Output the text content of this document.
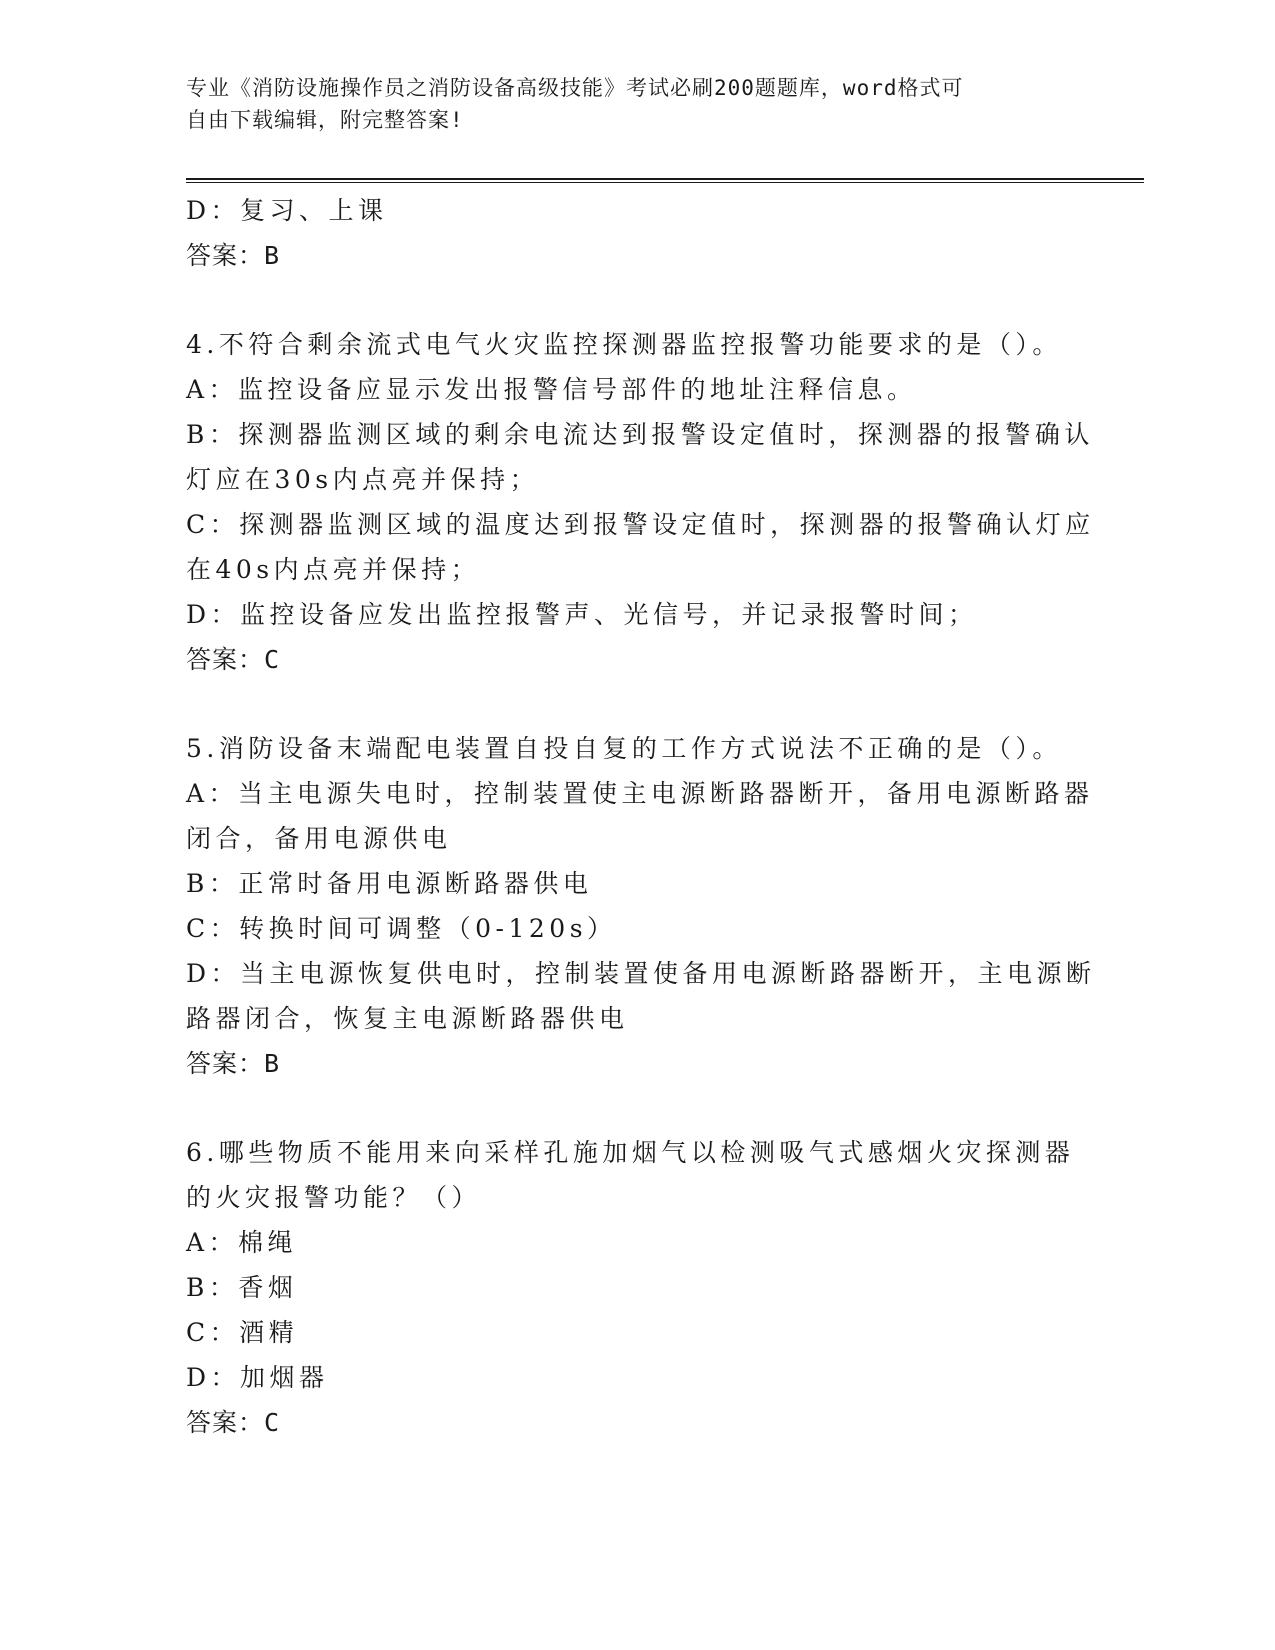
专业《消防设施操作员之消防设备高级技能》考试必刷200题题库，word格式可
自由下载编辑，附完整答案!
D：复习、上课
答案：B
4.不符合剩余流式电气火灾监控探测器监控报警功能要求的是（）。
A：监控设备应显示发出报警信号部件的地址注释信息。
B：探测器监测区域的剩余电流达到报警设定值时，探测器的报警确认
灯应在30s内点亮并保持；
C：探测器监测区域的温度达到报警设定值时，探测器的报警确认灯应
在40s内点亮并保持；
D：监控设备应发出监控报警声、光信号，并记录报警时间；
答案：C
5.消防设备末端配电装置自投自复的工作方式说法不正确的是（）。
A：当主电源失电时，控制装置使主电源断路器断开，备用电源断路器
闭合，备用电源供电
B：正常时备用电源断路器供电
C：转换时间可调整（0-120s）
D：当主电源恢复供电时，控制装置使备用电源断路器断开，主电源断
路器闭合，恢复主电源断路器供电
答案：B
6.哪些物质不能用来向采样孔施加烟气以检测吸气式感烟火灾探测器
的火灾报警功能？（）
A：棉绳
B：香烟
C：酒精
D：加烟器
答案：C
